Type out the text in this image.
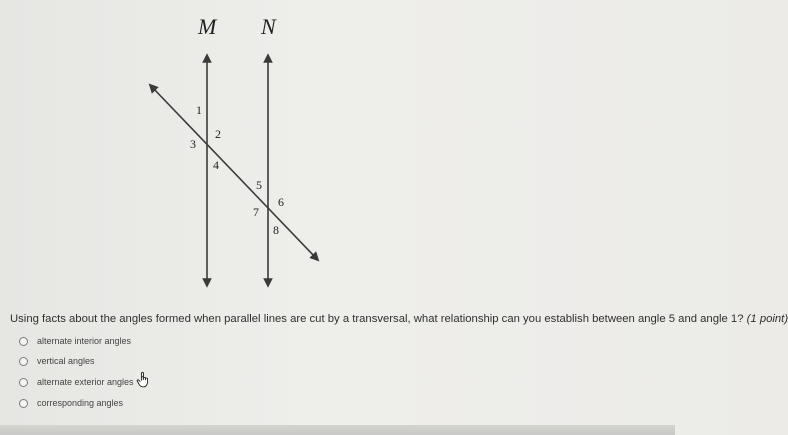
M N
1
2
3
4
5
6
7
8
Using facts about the angles formed when parallel lines are cut by a transversal, what relationship can you establish between angle 5 and angle 1? (1 point)
alternate interior angles
vertical angles
alternate exterior angles
corresponding angles
